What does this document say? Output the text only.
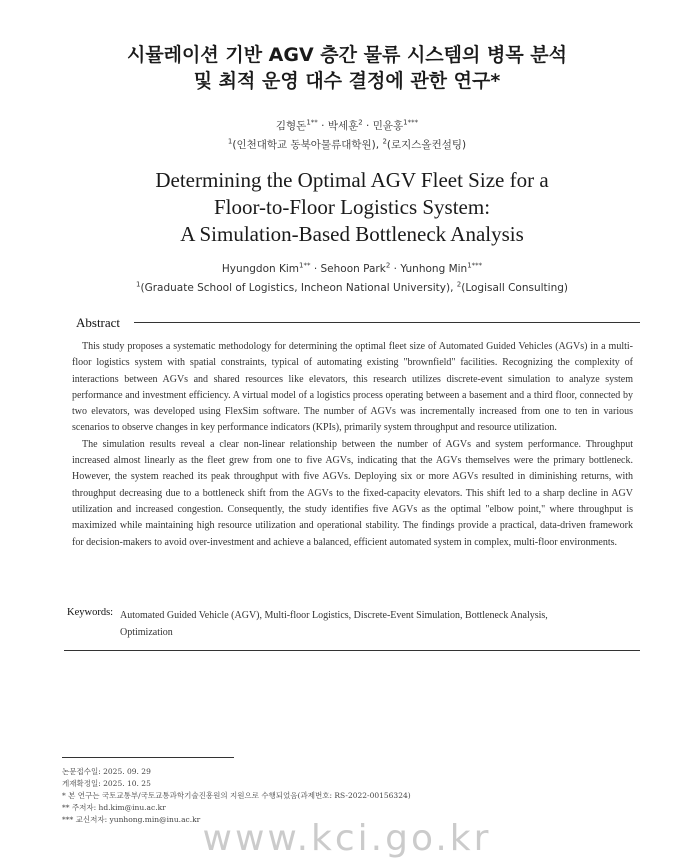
시뮬레이션 기반 AGV 층간 물류 시스템의 병목 분석
및 최적 운영 대수 결정에 관한 연구*
김형돈$^{1**}$ · 박세훈$^2$ · 민윤홍$^{1***}$
$^1$(인천대학교 동북아물류대학원), $^2$(로지스올컨설팅)
Determining the Optimal AGV Fleet Size for a
Floor-to-Floor Logistics System:
A Simulation-Based Bottleneck Analysis
Hyungdon Kim$^{1**}$ · Sehoon Park$^2$ · Yunhong Min$^{1***}$
$^1$(Graduate School of Logistics, Incheon National University), $^2$(Logisall Consulting)
Abstract

This study proposes a systematic methodology for determining the optimal fleet size of Automated Guided Vehicles (AGVs) in a multi-floor logistics system with spatial constraints, typical of automating existing "brownfield" facilities. Recognizing the complexity of interactions between AGVs and shared resources like elevators, this research utilizes discrete-event simulation to analyze system performance and investment efficiency. A virtual model of a logistics process operating between a basement and a third floor, connected by two elevators, was developed using FlexSim software. The number of AGVs was incrementally increased from one to ten in various scenarios to observe changes in key performance indicators (KPIs), primarily system throughput and resource utilization.

The simulation results reveal a clear non-linear relationship between the number of AGVs and system performance. Throughput increased almost linearly as the fleet grew from one to five AGVs, indicating that the AGVs themselves were the primary bottleneck. However, the system reached its peak throughput with five AGVs. Deploying six or more AGVs resulted in diminishing returns, with throughput decreasing due to a bottleneck shift from the AGVs to the fixed-capacity elevators. This shift led to a sharp decline in AGV utilization and increased congestion. Consequently, the study identifies five AGVs as the optimal "elbow point," where throughput is maximized while maintaining high resource utilization and operational stability. The findings provide a practical, data-driven framework for decision-makers to avoid over-investment and achieve a balanced, efficient automated system in complex, multi-floor environments.

Keywords: Automated Guided Vehicle (AGV), Multi-floor Logistics, Discrete-Event Simulation, Bottleneck Analysis,
Optimization
논문접수일: 2025. 09. 29
게재확정일: 2025. 10. 25
* 본 연구는 국토교통부/국토교통과학기술진흥원의 지원으로 수행되었음(과제번호: RS-2022-00156324)
** 주저자: hd.kim@inu.ac.kr
*** 교신저자: yunhong.min@inu.ac.kr www.kci.go.kr
